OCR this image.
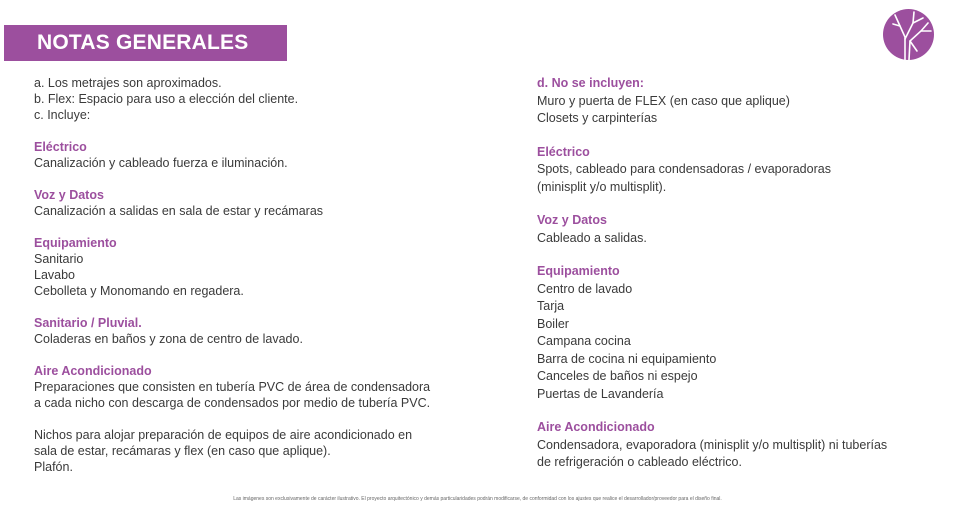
NOTAS GENERALES

a. Los metrajes son aproximados.

b. Flex: Espacio para uso a elección del cliente.

c. Incluye:

Eléctrico

Canalización y cableado fuerza e iluminación.

Voz y Datos

Canalización a salidas en sala de estar y recámaras

Equipamiento

Sanitario

Lavabo

Cebolleta y Monomando en regadera.

Sanitario / Pluvial.

Coladeras en baños y zona de centro de lavado.

Aire Acondicionado

Preparaciones que consisten en tubería PVC de área de condensadora

a cada nicho con descarga de condensados por medio de tubería PVC.

Nichos para alojar preparación de equipos de aire acondicionado en

sala de estar, recámaras y flex (en caso que aplique).

Plafón.

d. No se incluyen:

Muro y puerta de FLEX (en caso que aplique)

Closets y carpinterías

Eléctrico

Spots, cableado para condensadoras / evaporadoras

(minisplit y/o multisplit).

Voz y Datos

Cableado a salidas.

Equipamiento

Centro de lavado

Tarja

Boiler

Campana cocina

Barra de cocina ni equipamiento

Canceles de baños ni espejo

Puertas de Lavandería

Aire Acondicionado

Condensadora, evaporadora (minisplit y/o multisplit) ni tuberías

de refrigeración o cableado eléctrico.

Las imágenes son exclusivamente de carácter ilustrativo. El proyecto arquitectónico y demás particularidades podrán modificarse, de conformidad con los ajustes que realice el desarrollador/proveedor para el diseño final.
